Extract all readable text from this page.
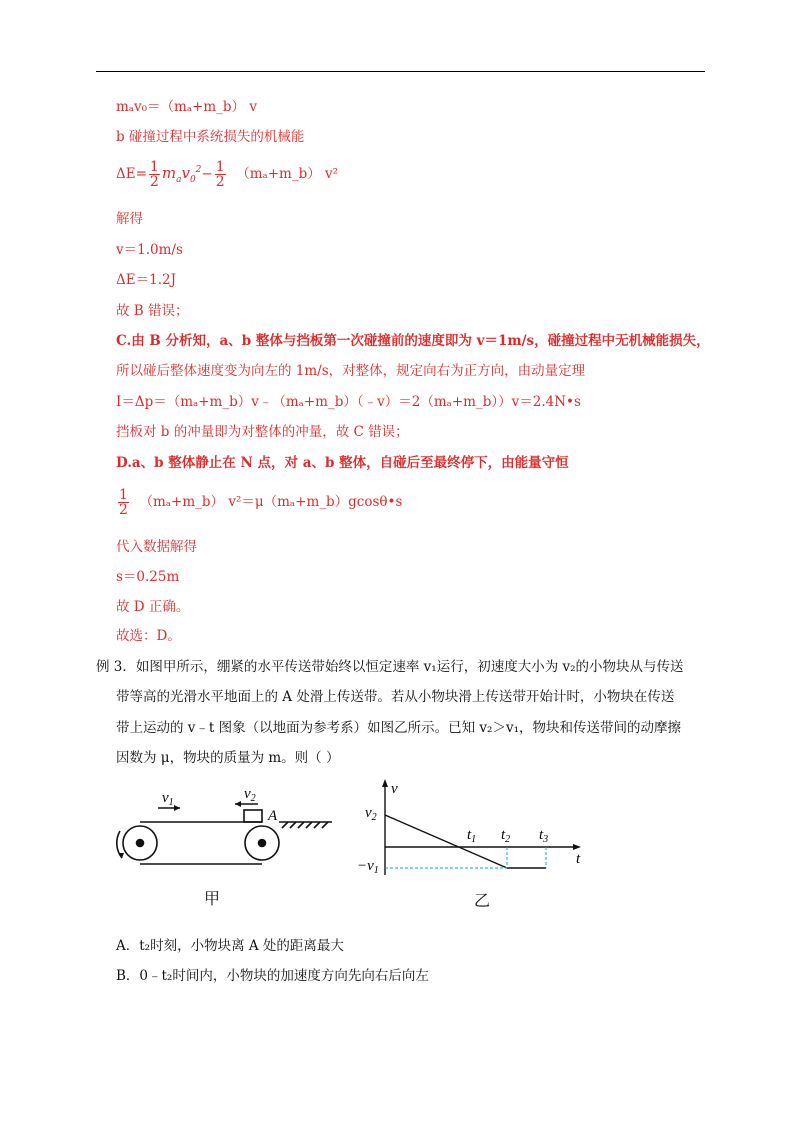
mₐv₀＝（mₐ+m_b） v
b 碰撞过程中系统损失的机械能
$\Delta E= \frac{1}{2} m_av_0^2- \frac{1}{2}$ （mₐ+m_b） v²
解得
v＝1.0m/s
ΔE＝1.2J
故 B 错误；
C.由 B 分析知，a、b 整体与挡板第一次碰撞前的速度即为 v＝1m/s，碰撞过程中无机械能损失，
所以碰后整体速度变为向左的 1m/s，对整体，规定向右为正方向，由动量定理
I＝Δp＝（mₐ+m_b）v﹣（mₐ+m_b）（﹣v）＝2（mₐ+m_b））v＝2.4N•s
挡板对 b 的冲量即为对整体的冲量，故 C 错误；
D.a、b 整体静止在 N 点，对 a、b 整体，自碰后至最终停下，由能量守恒
$\frac{1}{2}$ （mₐ+m_b） v²＝μ（mₐ+m_b）gcosθ•s
代入数据解得
s＝0.25m
故 D 正确。
故选：D。
例 3．如图甲所示，绷紧的水平传送带始终以恒定速率 v₁运行，初速度大小为 v₂的小物块从与传送
带等高的光滑水平地面上的 A 处滑上传送带。若从小物块滑上传送带开始计时，小物块在传送
带上运动的 v﹣t 图象（以地面为参考系）如图乙所示。已知 v₂＞v₁，物块和传送带间的动摩擦
因数为 μ，物块的质量为 m。则（ ）
$v_1$
$v_2$
A
甲
v
t
$v_2$
$-v_1$
$t_1$ $t_2$ $t_3$
乙
A．t₂时刻，小物块离 A 处的距离最大
B．0﹣t₂时间内，小物块的加速度方向先向右后向左
